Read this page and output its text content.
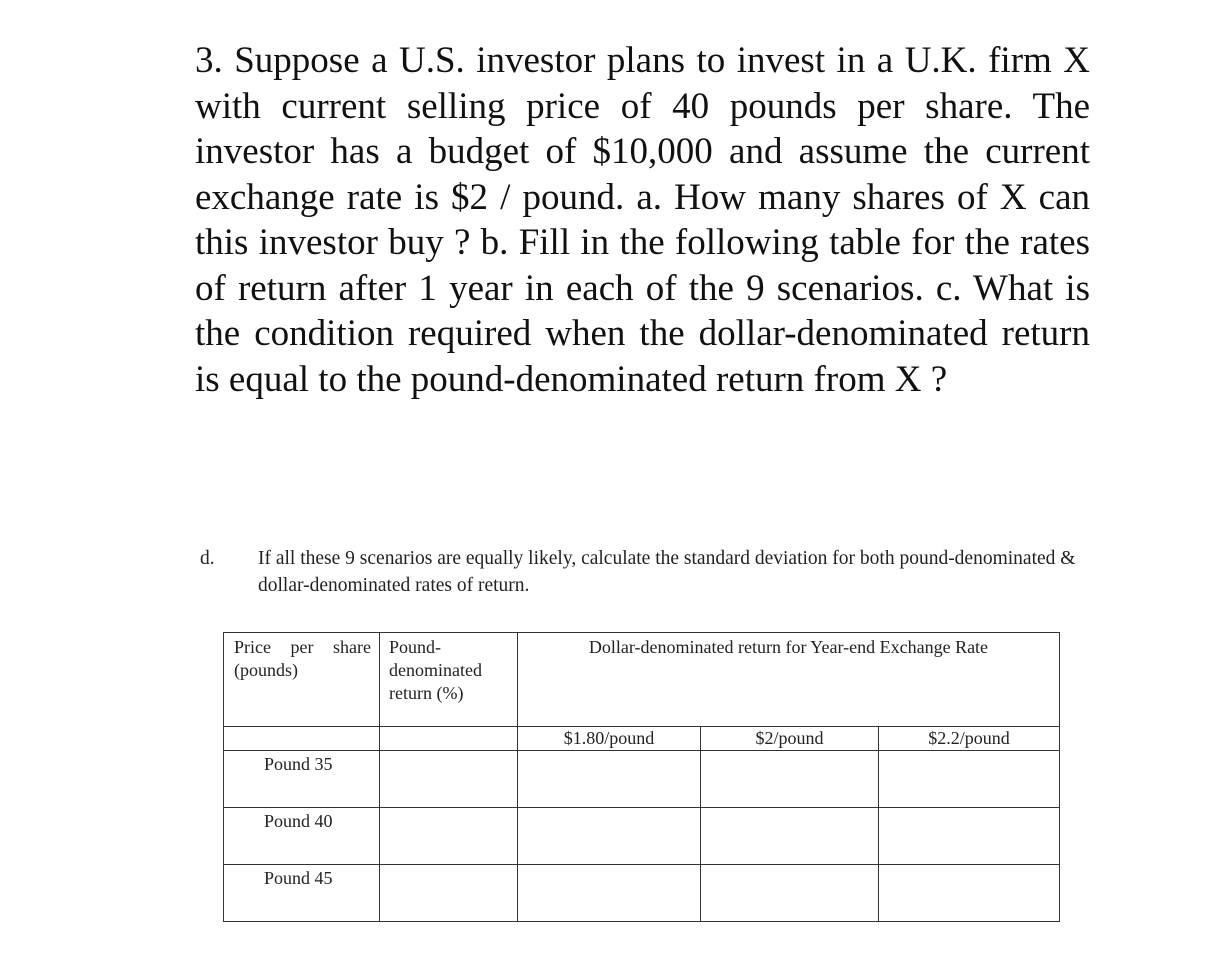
3. Suppose a U.S. investor plans to invest in a U.K. firm X with current selling price of 40 pounds per share. The investor has a budget of $10,000 and assume the current exchange rate is $2 / pound. a. How many shares of X can this investor buy ? b. Fill in the following table for the rates of return after 1 year in each of the 9 scenarios. c. What is the condition required when the dollar-denominated return is equal to the pound-denominated return from X ?

d. If all these 9 scenarios are equally likely, calculate the standard deviation for both pound-denominated & dollar-denominated rates of return.
Price per share (pounds)	Pound-denominated return (%)	Dollar-denominated return for Year-end Exchange Rate		
		$1.80/pound	$2/pound	$2.2/pound
Pound 35				
Pound 40				
Pound 45				
